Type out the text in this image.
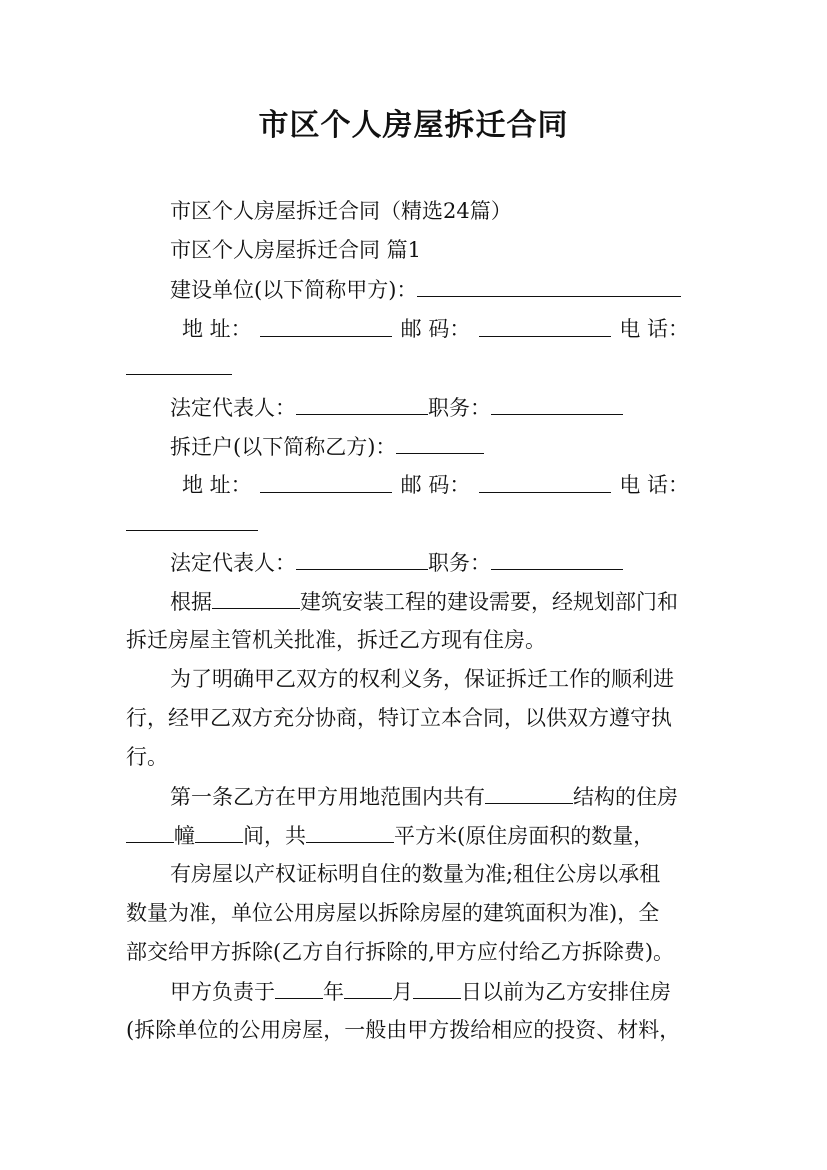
市区个人房屋拆迁合同

市区个人房屋拆迁合同（精选24篇）

市区个人房屋拆迁合同 篇1

建设单位(以下简称甲方)：

地 址：	邮 码：	电 话：

法定代表人：	职务：

拆迁户(以下简称乙方)：

地 址：	邮 码：	电 话：

法定代表人：	职务：

根据	建筑安装工程的建设需要，经规划部门和

拆迁房屋主管机关批准，拆迁乙方现有住房。

为了明确甲乙双方的权利义务，保证拆迁工作的顺利进

行，经甲乙双方充分协商，特订立本合同，以供双方遵守执

行。

第一条乙方在甲方用地范围内共有	结构的住房

幢 间，共	平方米(原住房面积的数量，

有房屋以产权证标明自住的数量为准;租住公房以承租

数量为准，单位公用房屋以拆除房屋的建筑面积为准)，全

部交给甲方拆除(乙方自行拆除的,甲方应付给乙方拆除费)。

甲方负责于 年 月 日以前为乙方安排住房

(拆除单位的公用房屋，一般由甲方拨给相应的投资、材料，
